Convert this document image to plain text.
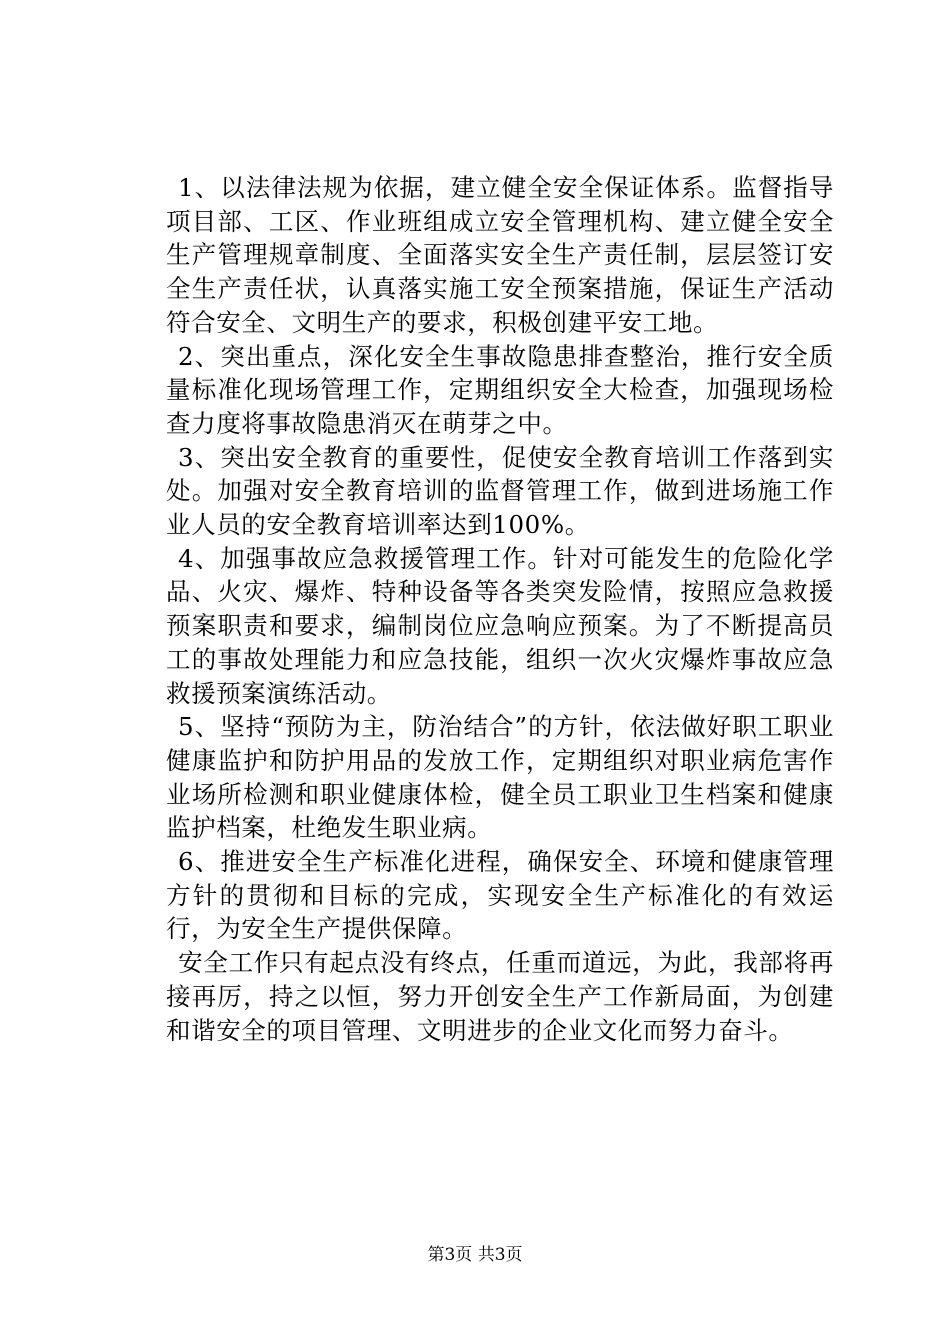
1、以法律法规为依据，建立健全安全保证体系。监督指导项目部、工区、作业班组成立安全管理机构、建立健全安全生产管理规章制度、全面落实安全生产责任制，层层签订安全生产责任状，认真落实施工安全预案措施，保证生产活动符合安全、文明生产的要求，积极创建平安工地。

2、突出重点，深化安全生事故隐患排查整治，推行安全质量标准化现场管理工作，定期组织安全大检查，加强现场检查力度将事故隐患消灭在萌芽之中。

3、突出安全教育的重要性，促使安全教育培训工作落到实处。加强对安全教育培训的监督管理工作，做到进场施工作业人员的安全教育培训率达到100%。

4、加强事故应急救援管理工作。针对可能发生的危险化学品、火灾、爆炸、特种设备等各类突发险情，按照应急救援预案职责和要求，编制岗位应急响应预案。为了不断提高员工的事故处理能力和应急技能，组织一次火灾爆炸事故应急救援预案演练活动。

5、坚持“预防为主，防治结合”的方针，依法做好职工职业健康监护和防护用品的发放工作，定期组织对职业病危害作业场所检测和职业健康体检，健全员工职业卫生档案和健康监护档案，杜绝发生职业病。

6、推进安全生产标准化进程，确保安全、环境和健康管理方针的贯彻和目标的完成，实现安全生产标准化的有效运行，为安全生产提供保障。

安全工作只有起点没有终点，任重而道远，为此，我部将再接再厉，持之以恒，努力开创安全生产工作新局面，为创建和谐安全的项目管理、文明进步的企业文化而努力奋斗。

第3页 共3页
